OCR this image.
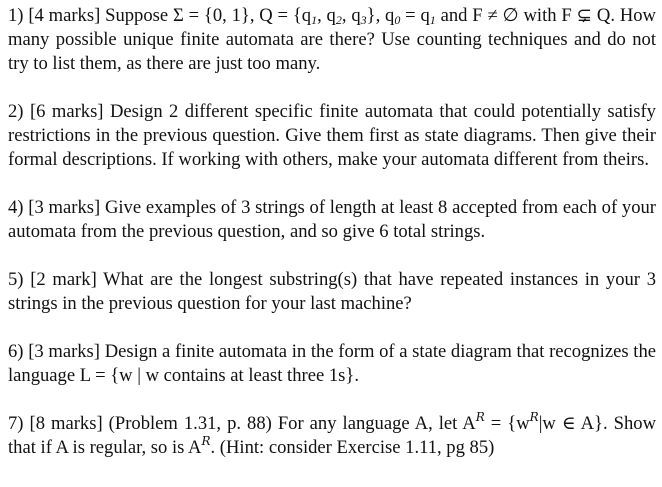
1) [4 marks] Suppose Σ = {0, 1}, $Q = \{q_1$, $q_2$, $q_3$}, $q_0 = q_1$ and F ≠ ∅ with F ⊊ Q. How many possible unique finite automata are there? Use counting techniques and do not try to list them, as there are just too many.

2) [6 marks] Design 2 different specific finite automata that could potentially satisfy restrictions in the previous question. Give them first as state diagrams. Then give their formal descriptions. If working with others, make your automata different from theirs.

4) [3 marks] Give examples of 3 strings of length at least 8 accepted from each of your automata from the previous question, and so give 6 total strings.

5) [2 mark] What are the longest substring(s) that have repeated instances in your 3 strings in the previous question for your last machine?

6) [3 marks] Design a finite automata in the form of a state diagram that recognizes the language L = {w | w contains at least three 1s}.

7) [8 marks] (Problem 1.31, p. 88) For any language A, let $A^R = \{w^R|w$ ∈ A}. Show that if A is regular, so is $A^R$. (Hint: consider Exercise 1.11, pg 85)
